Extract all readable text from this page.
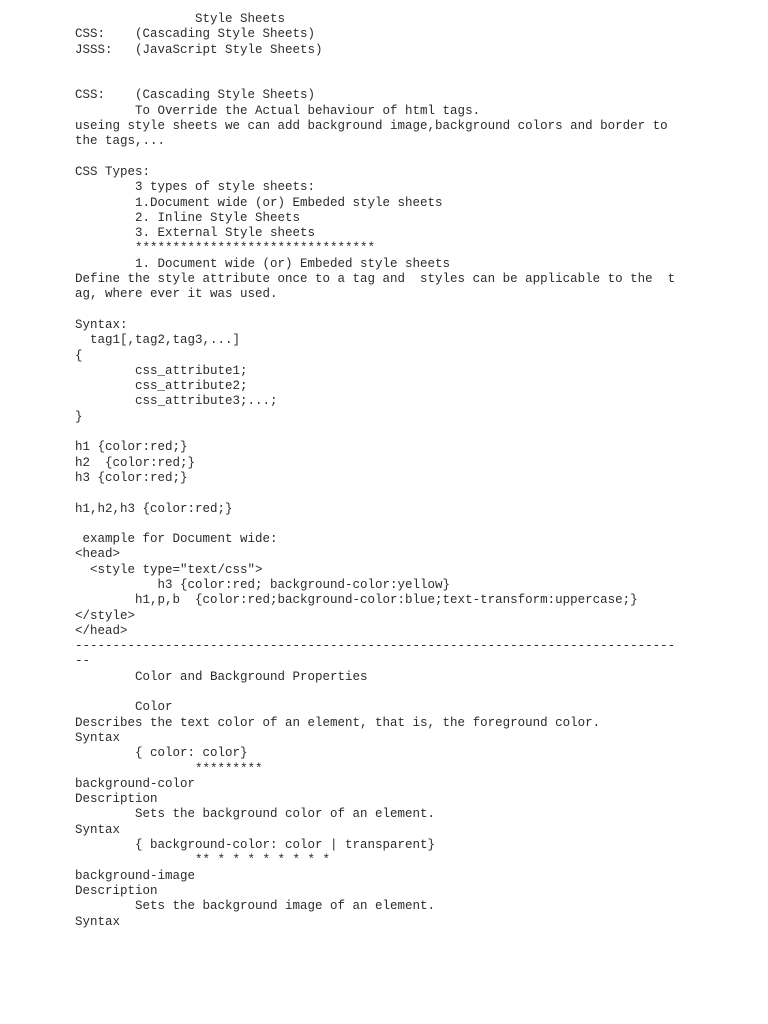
Style Sheets
CSS:    (Cascading Style Sheets)
JSSS:   (JavaScript Style Sheets)
CSS:    (Cascading Style Sheets)
To Override the Actual behaviour of html tags.
useing style sheets we can add background image,background colors and border to
the tags,...
CSS Types:
3 types of style sheets:
1.Document wide (or) Embeded style sheets
2. Inline Style Sheets
3. External Style sheets
********************************
1. Document wide (or) Embeded style sheets
Define the style attribute once to a tag and  styles can be applicable to the  t
ag, where ever it was used.
Syntax:
tag1[,tag2,tag3,...]
{
css_attribute1;
css_attribute2;
css_attribute3;...;
}
h1 {color:red;}
h2  {color:red;}
h3 {color:red;}
h1,h2,h3 {color:red;}
example for Document wide:
<head>
<style type="text/css">
h3 {color:red; background-color:yellow}
h1,p,b  {color:red;background-color:blue;text-transform:uppercase;}
</style>
</head>
--------------------------------------------------------------------------------
--
Color and Background Properties
Color
Describes the text color of an element, that is, the foreground color.
Syntax
{ color: color}
*********
background-color
Description
Sets the background color of an element.
Syntax
{ background-color: color | transparent}
** * * * * * * * *
background-image
Description
Sets the background image of an element.
Syntax
